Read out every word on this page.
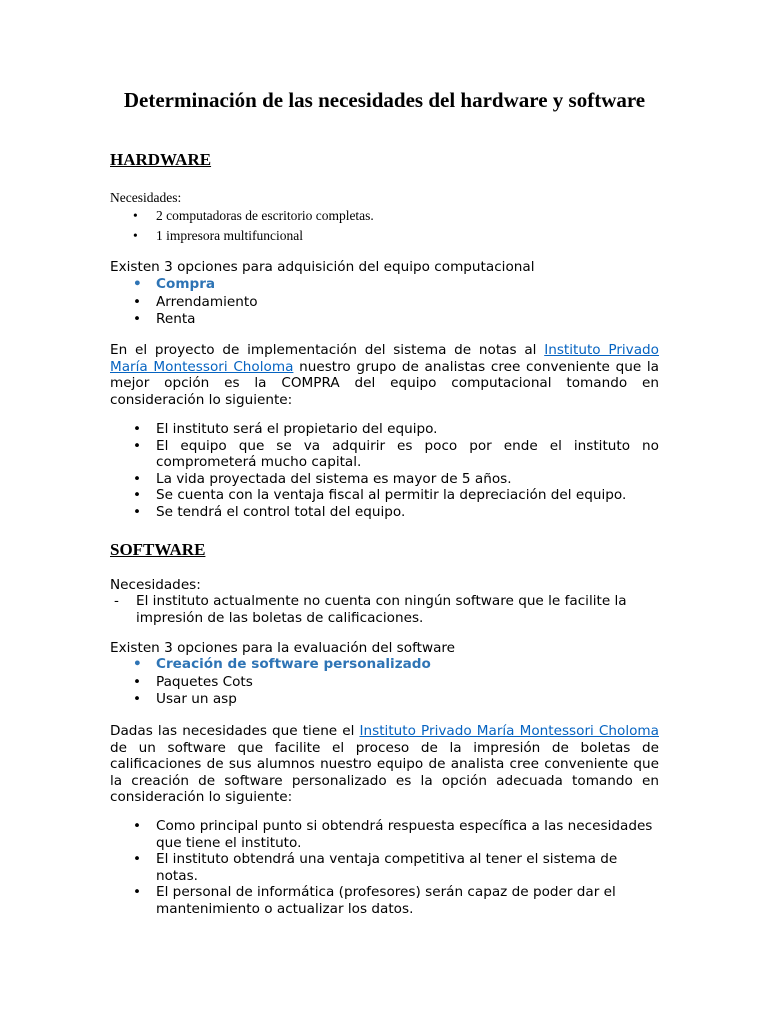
Determinación de las necesidades del hardware y software
HARDWARE
Necesidades:
•	2 computadoras de escritorio completas.
•	1 impresora multifuncional
Existen 3 opciones para adquisición del equipo computacional
• Compra
• Arrendamiento
• Renta

En el proyecto de implementación del sistema de notas al Instituto Privado María Montessori Choloma nuestro grupo de analistas cree conveniente que la mejor opción es la COMPRA del equipo computacional tomando en consideración lo siguiente:

• El instituto será el propietario del equipo.
• El equipo que se va adquirir es poco por ende el instituto no comprometerá mucho capital.
• La vida proyectada del sistema es mayor de 5 años.
• Se cuenta con la ventaja fiscal al permitir la depreciación del equipo.
• Se tendrá el control total del equipo.
SOFTWARE
Necesidades:
-	El instituto actualmente no cuenta con ningún software que le facilite la impresión de las boletas de calificaciones.
Existen 3 opciones para la evaluación del software
• Creación de software personalizado
• Paquetes Cots
• Usar un asp

Dadas las necesidades que tiene el Instituto Privado María Montessori Choloma de un software que facilite el proceso de la impresión de boletas de calificaciones de sus alumnos nuestro equipo de analista cree conveniente que la creación de software personalizado es la opción adecuada tomando en consideración lo siguiente:

• Como principal punto si obtendrá respuesta específica a las necesidades que tiene el instituto.
• El instituto obtendrá una ventaja competitiva al tener el sistema de notas.
• El personal de informática (profesores) serán capaz de poder dar el mantenimiento o actualizar los datos.
